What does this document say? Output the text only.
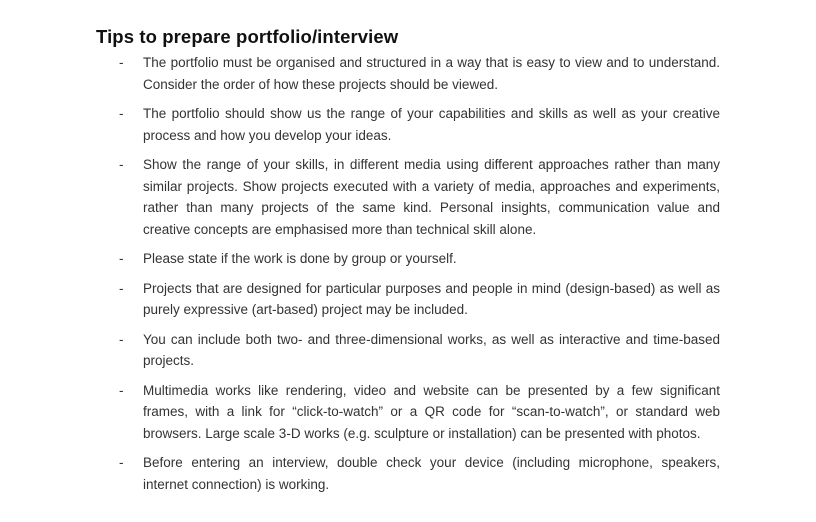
Tips to prepare portfolio/interview
- The portfolio must be organised and structured in a way that is easy to view and to understand. Consider the order of how these projects should be viewed.
- The portfolio should show us the range of your capabilities and skills as well as your creative process and how you develop your ideas.
- Show the range of your skills, in different media using different approaches rather than many similar projects. Show projects executed with a variety of media, approaches and experiments, rather than many projects of the same kind. Personal insights, communication value and creative concepts are emphasised more than technical skill alone.
- Please state if the work is done by group or yourself.
- Projects that are designed for particular purposes and people in mind (design-based) as well as purely expressive (art-based) project may be included.
- You can include both two- and three-dimensional works, as well as interactive and time-based projects.
- Multimedia works like rendering, video and website can be presented by a few significant frames, with a link for “click-to-watch” or a QR code for “scan-to-watch”, or standard web browsers. Large scale 3-D works (e.g. sculpture or installation) can be presented with photos.
- Before entering an interview, double check your device (including microphone, speakers, internet connection) is working.
